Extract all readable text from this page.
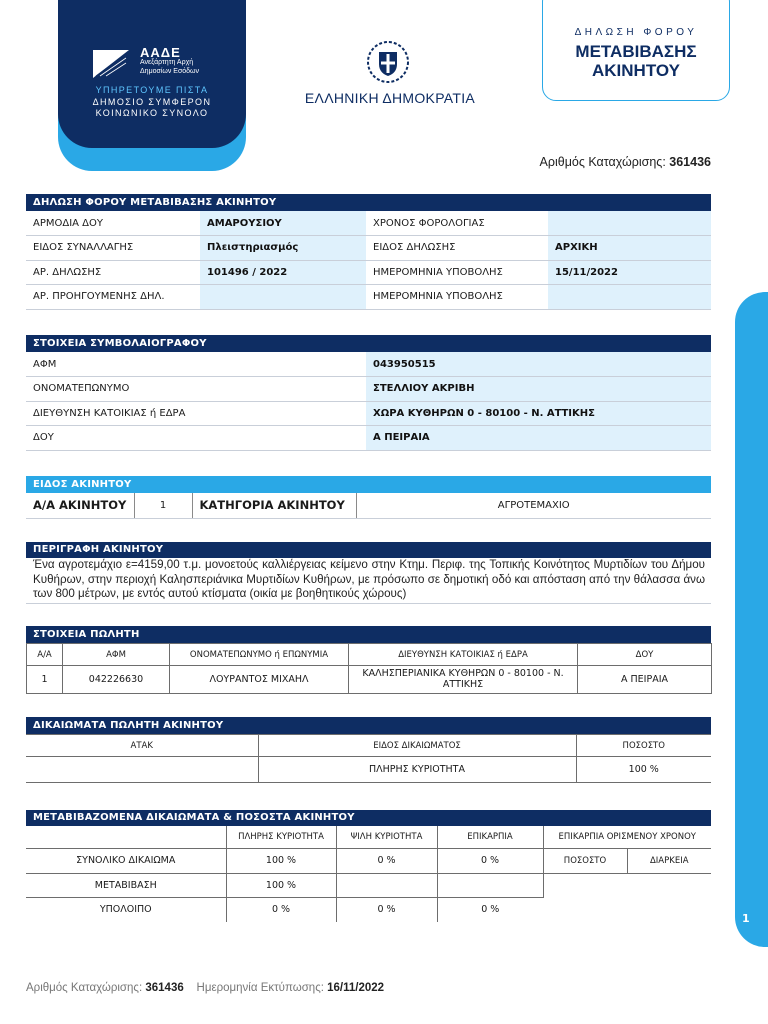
ΑΑΔΕ
Ανεξάρτητη Αρχή
Δημοσίων Εσόδων
ΥΠΗΡΕΤΟΥΜΕ ΠΙΣΤΑ
ΔΗΜΟΣΙΟ ΣΥΜΦΕΡΟΝ
ΚΟΙΝΩΝΙΚΟ ΣΥΝΟΛΟ
ΕΛΛΗΝΙΚΗ ΔΗΜΟΚΡΑΤΙΑ
ΔΗΛΩΣΗ ΦΟΡΟΥ
ΜΕΤΑΒΙΒΑΣΗΣ
ΑΚΙΝΗΤΟΥ
Αριθμός Καταχώρισης: 361436
1
ΔΗΛΩΣΗ ΦΟΡΟΥ ΜΕΤΑΒΙΒΑΣΗΣ ΑΚΙΝΗΤΟΥ
ΑΡΜΟΔΙΑ ΔΟΥ	ΑΜΑΡΟΥΣΙΟΥ	ΧΡΟΝΟΣ ΦΟΡΟΛΟΓΙΑΣ	
ΕΙΔΟΣ ΣΥΝΑΛΛΑΓΗΣ	Πλειστηριασμός	ΕΙΔΟΣ ΔΗΛΩΣΗΣ	ΑΡΧΙΚΗ
ΑΡ. ΔΗΛΩΣΗΣ	101496 / 2022	ΗΜΕΡΟΜΗΝΙΑ ΥΠΟΒΟΛΗΣ	15/11/2022
ΑΡ. ΠΡΟΗΓΟΥΜΕΝΗΣ ΔΗΛ.		ΗΜΕΡΟΜΗΝΙΑ ΥΠΟΒΟΛΗΣ	
ΣΤΟΙΧΕΙΑ ΣΥΜΒΟΛΑΙΟΓΡΑΦΟΥ
ΑΦΜ	043950515
ΟΝΟΜΑΤΕΠΩΝΥΜΟ	ΣΤΕΛΛΙΟΥ ΑΚΡΙΒΗ
ΔΙΕΥΘΥΝΣΗ ΚΑΤΟΙΚΙΑΣ ή ΕΔΡΑ	ΧΩΡΑ ΚΥΘΗΡΩΝ 0 - 80100 - Ν. ΑΤΤΙΚΗΣ
ΔΟΥ	Α ΠΕΙΡΑΙΑ
ΕΙΔΟΣ ΑΚΙΝΗΤΟΥ
Α/Α ΑΚΙΝΗΤΟΥ	1	ΚΑΤΗΓΟΡΙΑ ΑΚΙΝΗΤΟΥ	ΑΓΡΟΤΕΜΑΧΙΟ
ΠΕΡΙΓΡΑΦΗ ΑΚΙΝΗΤΟΥ
Ένα αγροτεμάχιο ε=4159,00 τ.μ. μονοετούς καλλιέργειας κείμενο στην Κτημ. Περιφ. της Τοπικής Κοινότητος Μυρτιδίων του Δήμου Κυθήρων, στην περιοχή Καλησπεριάνικα Μυρτιδίων Κυθήρων, με πρόσωπο σε δημοτική οδό και απόσταση από την θάλασσα άνω των 800 μέτρων, με εντός αυτού κτίσματα (οικία με βοηθητικούς χώρους)
ΣΤΟΙΧΕΙΑ ΠΩΛΗΤΗ
Α/Α	ΑΦΜ	ΟΝΟΜΑΤΕΠΩΝΥΜΟ ή ΕΠΩΝΥΜΙΑ	ΔΙΕΥΘΥΝΣΗ ΚΑΤΟΙΚΙΑΣ ή ΕΔΡΑ	ΔΟΥ
1	042226630	ΛΟΥΡΑΝΤΟΣ ΜΙΧΑΗΛ	ΚΑΛΗΣΠΕΡΙΑΝΙΚΑ ΚΥΘΗΡΩΝ 0 - 80100 - Ν. ΑΤΤΙΚΗΣ	Α ΠΕΙΡΑΙΑ
ΔΙΚΑΙΩΜΑΤΑ ΠΩΛΗΤΗ ΑΚΙΝΗΤΟΥ
ΑΤΑΚ	ΕΙΔΟΣ ΔΙΚΑΙΩΜΑΤΟΣ	ΠΟΣΟΣΤΟ
	ΠΛΗΡΗΣ ΚΥΡΙΟΤΗΤΑ	100 %
ΜΕΤΑΒΙΒΑΖΟΜΕΝΑ ΔΙΚΑΙΩΜΑΤΑ & ΠΟΣΟΣΤΑ ΑΚΙΝΗΤΟΥ
	ΠΛΗΡΗΣ ΚΥΡΙΟΤΗΤΑ	ΨΙΛΗ ΚΥΡΙΟΤΗΤΑ	ΕΠΙΚΑΡΠΙΑ	ΕΠΙΚΑΡΠΙΑ ΟΡΙΣΜΕΝΟΥ ΧΡΟΝΟΥ	
ΣΥΝΟΛΙΚΟ ΔΙΚΑΙΩΜΑ	100 %	0 %	0 %	ΠΟΣΟΣΤΟ	ΔΙΑΡΚΕΙΑ
ΜΕΤΑΒΙΒΑΣΗ	100 %				
ΥΠΟΛΟΙΠΟ	0 %	0 %	0 %		
Αριθμός Καταχώρισης: 361436 Ημερομηνία Εκτύπωσης: 16/11/2022
